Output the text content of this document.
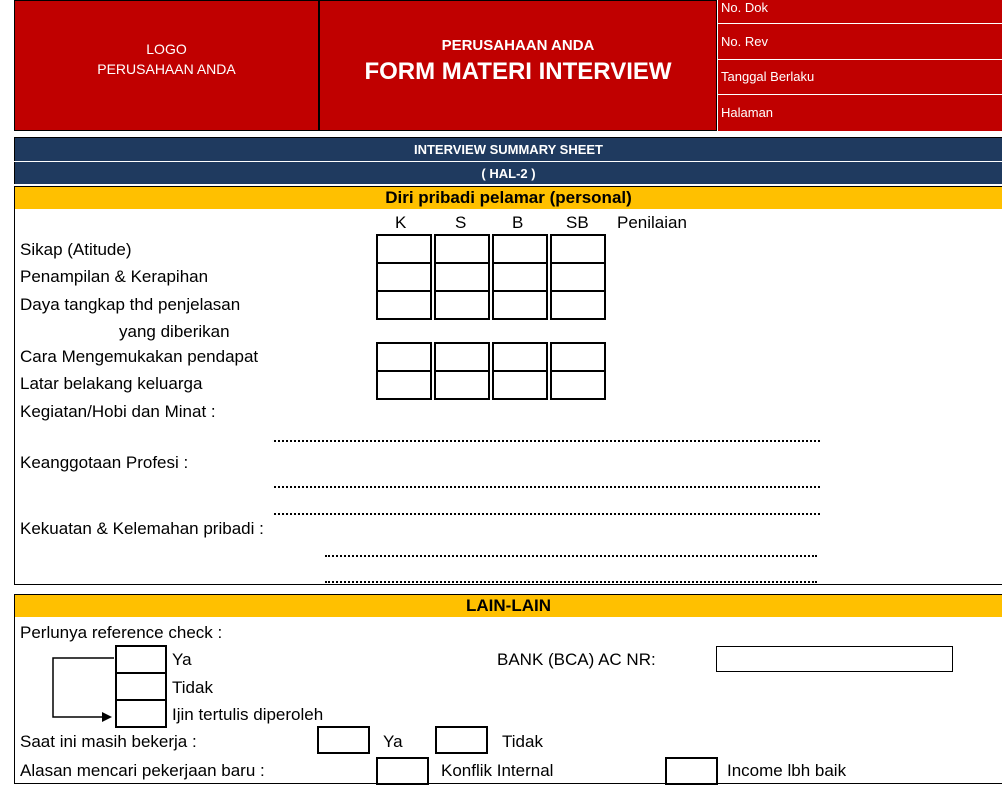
LOGO
PERUSAHAAN ANDA
PERUSAHAAN ANDA
FORM MATERI INTERVIEW
No. Dok
No. Rev
Tanggal Berlaku
Halaman
INTERVIEW SUMMARY SHEET
( HAL-2 )
Diri pribadi pelamar (personal)
K	S	B	SB Penilaian
Sikap (Atitude)
Penampilan & Kerapihan
Daya tangkap thd penjelasan
yang diberikan
Cara Mengemukakan pendapat
Latar belakang keluarga
Kegiatan/Hobi dan Minat :
Keanggotaan Profesi :
Kekuatan & Kelemahan pribadi :
LAIN-LAIN
Perlunya reference check :
Ya
Tidak
Ijin tertulis diperoleh
BANK (BCA) AC NR:
Saat ini masih bekerja :	Ya	Tidak
Alasan mencari pekerjaan baru :	Konflik Internal	Income lbh baik
